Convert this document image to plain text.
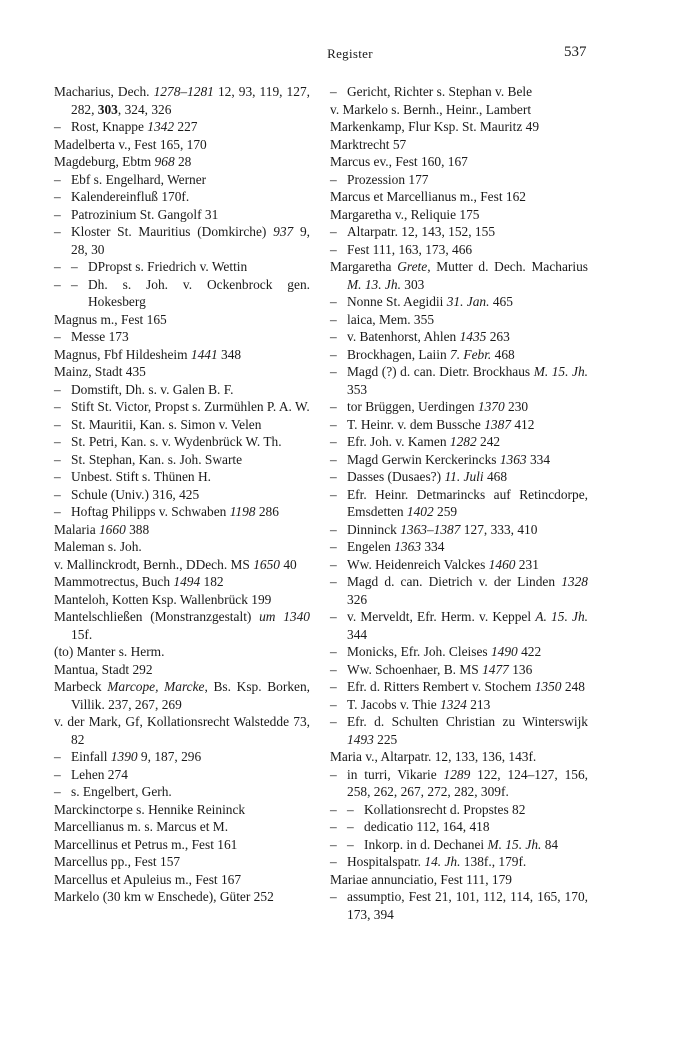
Register	537
Macharius, Dech. 1278–1281 12, 93, 119, 127, 282, 303, 324, 326
– Rost, Knappe 1342 227
Madelberta v., Fest 165, 170
Magdeburg, Ebtm 968 28
– Ebf s. Engelhard, Werner
– Kalendereinfluß 170f.
– Patrozinium St. Gangolf 31
– Kloster St. Mauritius (Domkirche) 937 9, 28, 30
– – DPropst s. Friedrich v. Wettin
– – Dh. s. Joh. v. Ockenbrock gen. Hokesberg
Magnus m., Fest 165
– Messe 173
Magnus, Fbf Hildesheim 1441 348
Mainz, Stadt 435
– Domstift, Dh. s. v. Galen B. F.
– Stift St. Victor, Propst s. Zurmühlen P. A. W.
– St. Mauritii, Kan. s. Simon v. Velen
– St. Petri, Kan. s. v. Wydenbrück W. Th.
– St. Stephan, Kan. s. Joh. Swarte
– Unbest. Stift s. Thünen H.
– Schule (Univ.) 316, 425
– Hoftag Philipps v. Schwaben 1198 286
Malaria 1660 388
Maleman s. Joh.
v. Mallinckrodt, Bernh., DDech. MS 1650 40
Mammotrectus, Buch 1494 182
Manteloh, Kotten Ksp. Wallenbrück 199
Mantelschließen (Monstranzgestalt) um 1340 15f.
(to) Manter s. Herm.
Mantua, Stadt 292
Marbeck Marcope, Marcke, Bs. Ksp. Borken, Villik. 237, 267, 269
v. der Mark, Gf, Kollationsrecht Walstedde 73, 82
– Einfall 1390 9, 187, 296
– Lehen 274
– s. Engelbert, Gerh.
Marckinctorpe s. Hennike Reininck
Marcellianus m. s. Marcus et M.
Marcellinus et Petrus m., Fest 161
Marcellus pp., Fest 157
Marcellus et Apuleius m., Fest 167
Markelo (30 km w Enschede), Güter 252
– Gericht, Richter s. Stephan v. Bele
v. Markelo s. Bernh., Heinr., Lambert
Markenkamp, Flur Ksp. St. Mauritz 49
Marktrecht 57
Marcus ev., Fest 160, 167
– Prozession 177
Marcus et Marcellianus m., Fest 162
Margaretha v., Reliquie 175
– Altarpatr. 12, 143, 152, 155
– Fest 111, 163, 173, 466
Margaretha Grete, Mutter d. Dech. Macharius M. 13. Jh. 303
– Nonne St. Aegidii 31. Jan. 465
– laica, Mem. 355
– v. Batenhorst, Ahlen 1435 263
– Brockhagen, Laiin 7. Febr. 468
– Magd (?) d. can. Dietr. Brockhaus M. 15. Jh. 353
– tor Brüggen, Uerdingen 1370 230
– T. Heinr. v. dem Bussche 1387 412
– Efr. Joh. v. Kamen 1282 242
– Magd Gerwin Kerckerincks 1363 334
– Dasses (Dusaes?) 11. Juli 468
– Efr. Heinr. Detmarincks auf Retincdorpe, Emsdetten 1402 259
– Dinninck 1363–1387 127, 333, 410
– Engelen 1363 334
– Ww. Heidenreich Valckes 1460 231
– Magd d. can. Dietrich v. der Linden 1328 326
– v. Merveldt, Efr. Herm. v. Keppel A. 15. Jh. 344
– Monicks, Efr. Joh. Cleises 1490 422
– Ww. Schoenhaer, B. MS 1477 136
– Efr. d. Ritters Rembert v. Stochem 1350 248
– T. Jacobs v. Thie 1324 213
– Efr. d. Schulten Christian zu Winterswijk 1493 225
Maria v., Altarpatr. 12, 133, 136, 143f.
– in turri, Vikarie 1289 122, 124–127, 156, 258, 262, 267, 272, 282, 309f.
– – Kollationsrecht d. Propstes 82
– – dedicatio 112, 164, 418
– – Inkorp. in d. Dechanei M. 15. Jh. 84
– Hospitalspatr. 14. Jh. 138f., 179f.
Mariae annunciatio, Fest 111, 179
– assumptio, Fest 21, 101, 112, 114, 165, 170, 173, 394
